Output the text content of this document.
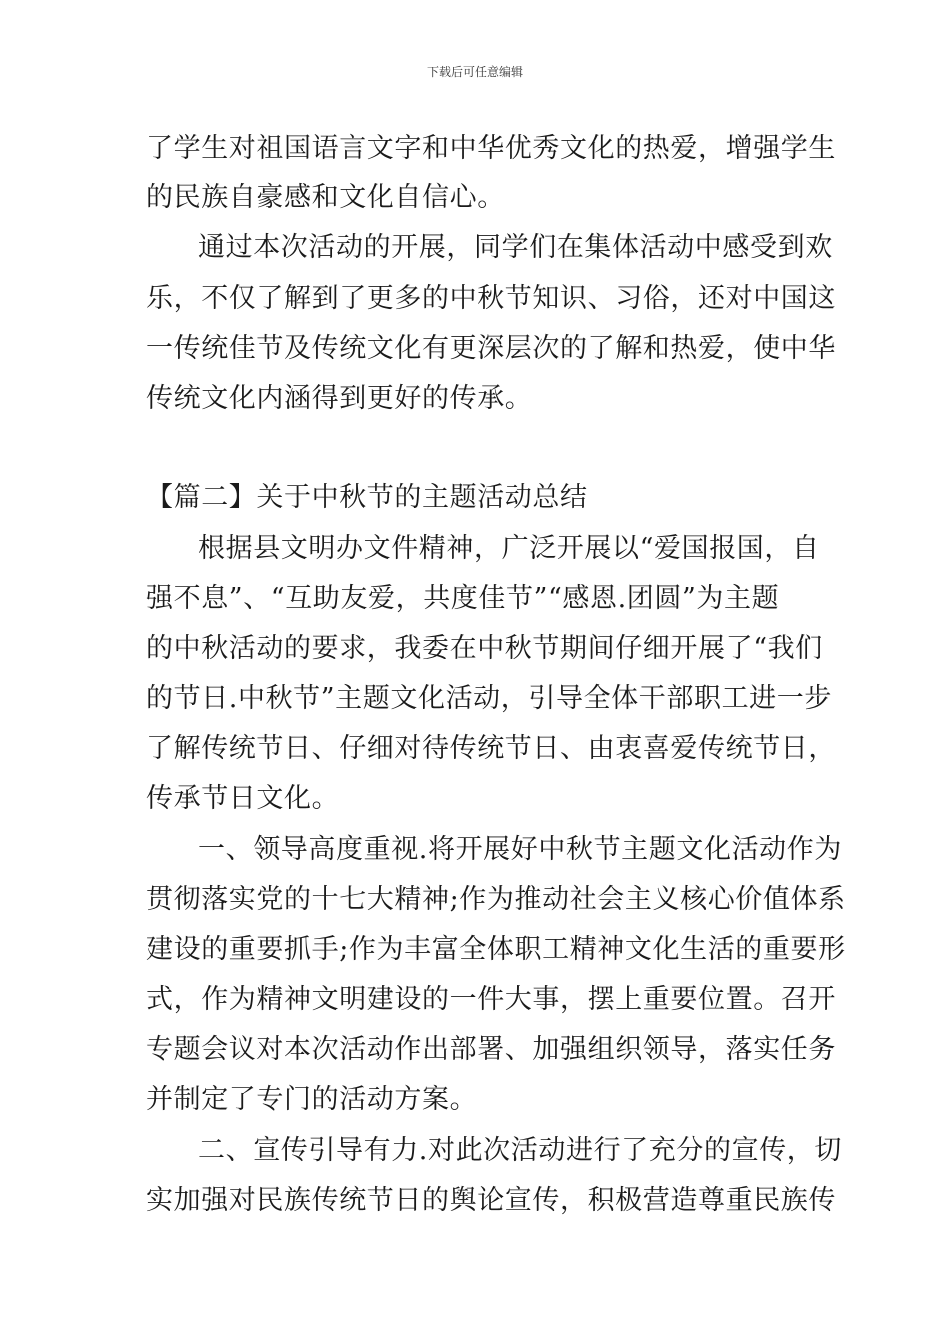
下载后可任意编辑
了学生对祖国语言文字和中华优秀文化的热爱，增强学生
的民族自豪感和文化自信心。
通过本次活动的开展，同学们在集体活动中感受到欢
乐，不仅了解到了更多的中秋节知识、习俗，还对中国这
一传统佳节及传统文化有更深层次的了解和热爱，使中华
传统文化内涵得到更好的传承。
【篇二】关于中秋节的主题活动总结
根据县文明办文件精神，广泛开展以“爱国报国，自
强不息”、“互助友爱，共度佳节”“感恩.团圆”为主题
的中秋活动的要求，我委在中秋节期间仔细开展了“我们
的节日.中秋节”主题文化活动，引导全体干部职工进一步
了解传统节日、仔细对待传统节日、由衷喜爱传统节日，
传承节日文化。
一、领导高度重视.将开展好中秋节主题文化活动作为
贯彻落实党的十七大精神;作为推动社会主义核心价值体系
建设的重要抓手;作为丰富全体职工精神文化生活的重要形
式，作为精神文明建设的一件大事，摆上重要位置。召开
专题会议对本次活动作出部署、加强组织领导，落实任务
并制定了专门的活动方案。
二、宣传引导有力.对此次活动进行了充分的宣传，切
实加强对民族传统节日的舆论宣传，积极营造尊重民族传
